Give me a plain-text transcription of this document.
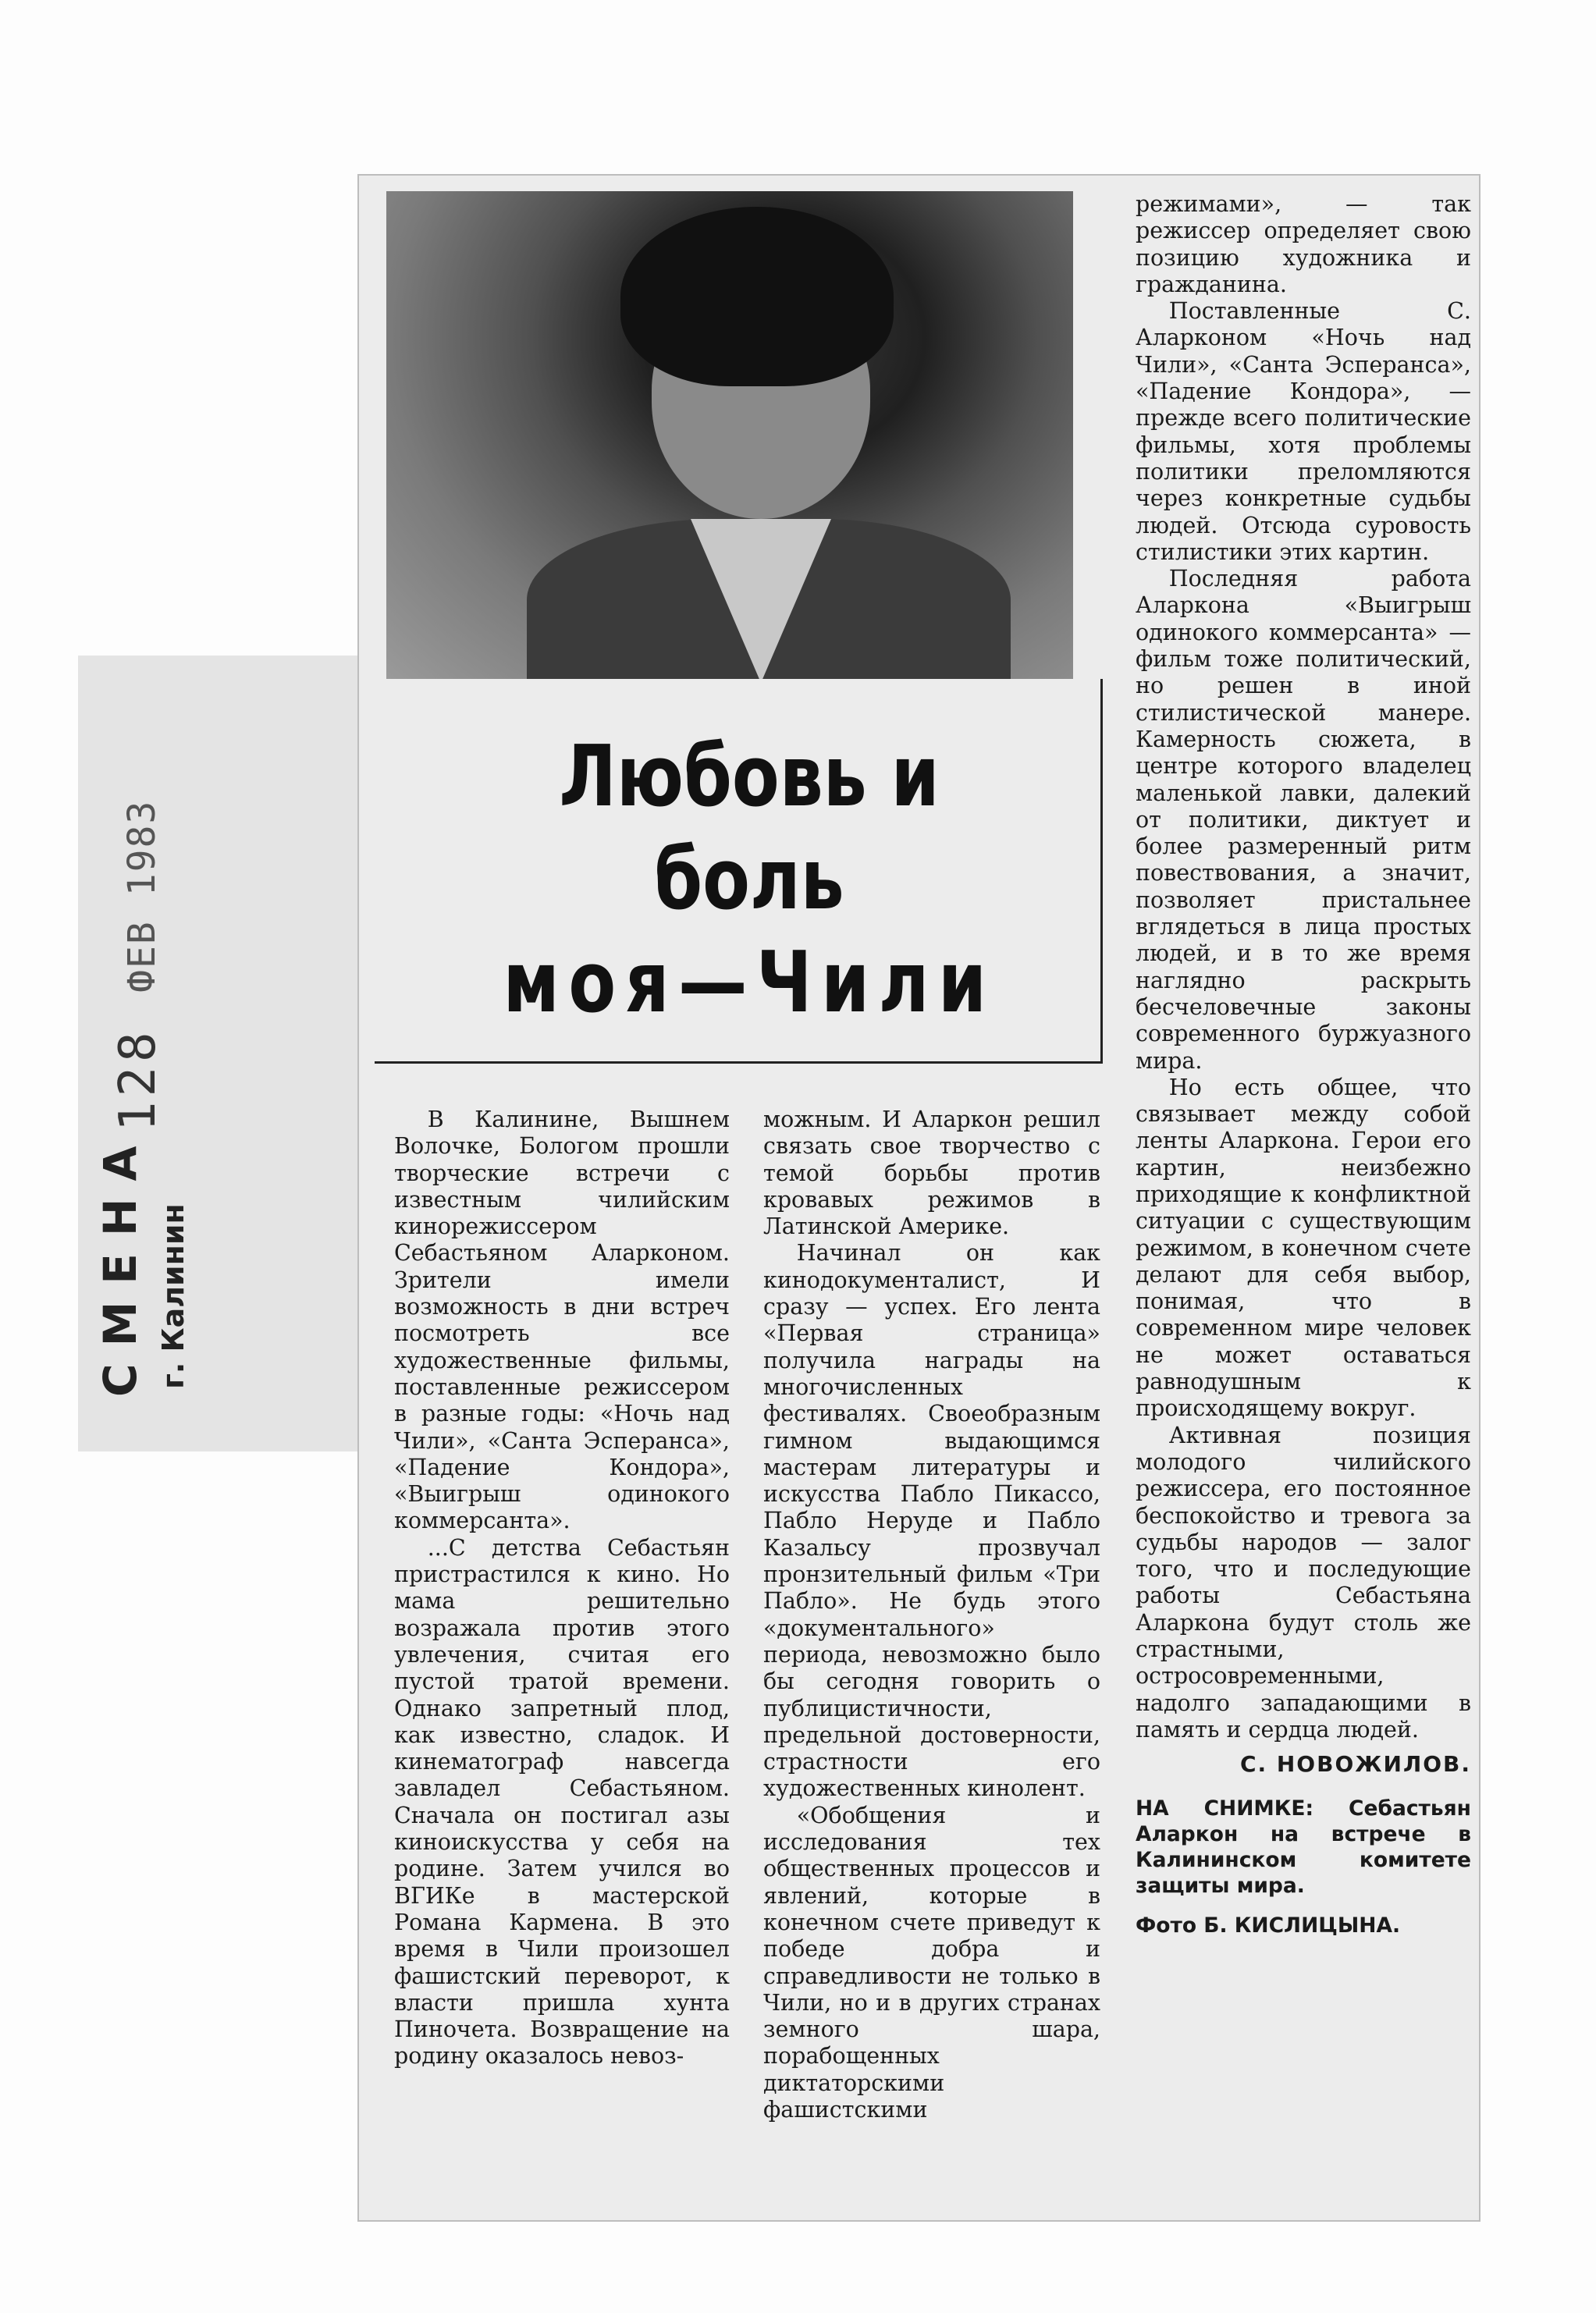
СМЕНА г. Калинин
128 ФЕВ 1983
Любовь и боль
моя—Чили

В Калинине, Вышнем Волочке, Бологом прошли творческие встречи с известным чилийским кинорежиссером Себастьяном Аларконом. Зрители имели возможность в дни встреч посмотреть все художественные фильмы, поставленные режиссером в разные годы: «Ночь над Чили», «Санта Эсперанса», «Падение Кондора», «Выигрыш одинокого коммерсанта».

...С детства Себастьян пристрастился к кино. Но мама решительно возражала против этого увлечения, считая его пустой тратой времени. Однако запретный плод, как известно, сладок. И кинематограф навсегда завладел Себастьяном. Сначала он постигал азы киноискусства у себя на родине. Затем учился во ВГИКе в мастерской Романа Кармена. В это время в Чили произошел фашистский переворот, к власти пришла хунта Пиночета. Возвращение на родину оказалось невоз-

можным. И Аларкон решил связать свое творчество с темой борьбы против кровавых режимов в Латинской Америке.

Начинал он как кинодокументалист, И сразу — успех. Его лента «Первая страница» получила награды на многочисленных фестивалях. Своеобразным гимном выдающимся мастерам литературы и искусства Пабло Пикассо, Пабло Неруде и Пабло Казальсу прозвучал пронзительный фильм «Три Пабло». Не будь этого «документального» периода, невозможно было бы сегодня говорить о публицистичности, предельной достоверности, страстности его художественных кинолент.

«Обобщения и исследования тех общественных процессов и явлений, которые в конечном счете приведут к победе добра и справедливости не только в Чили, но и в других странах земного шара, порабощенных диктаторскими фашистскими

режимами», — так режиссер определяет свою позицию художника и гражданина.

Поставленные С. Аларконом «Ночь над Чили», «Санта Эсперанса», «Падение Кондора», — прежде всего политические фильмы, хотя проблемы политики преломляются через конкретные судьбы людей. Отсюда суровость стилистики этих картин.

Последняя работа Аларкона «Выигрыш одинокого коммерсанта» — фильм тоже политический, но решен в иной стилистической манере. Камерность сюжета, в центре которого владелец маленькой лавки, далекий от политики, диктует и более размеренный ритм повествования, а значит, позволяет пристальнее вглядеться в лица простых людей, и в то же время наглядно раскрыть бесчеловечные законы современного буржуазного мира.

Но есть общее, что связывает между собой ленты Аларкона. Герои его картин, неизбежно приходящие к конфликтной ситуации с существующим режимом, в конечном счете делают для себя выбор, понимая, что в современном мире человек не может оставаться равнодушным к происходящему вокруг.

Активная позиция молодого чилийского режиссера, его постоянное беспокойство и тревога за судьбы народов — залог того, что и последующие работы Себастьяна Аларкона будут столь же страстными, остросовременными, надолго западающими в память и сердца людей.

С. НОВОЖИЛОВ.
НА СНИМКЕ: Себастьян Аларкон на встрече в Калининском комитете защиты мира.
Фото Б. КИСЛИЦЫНА.
